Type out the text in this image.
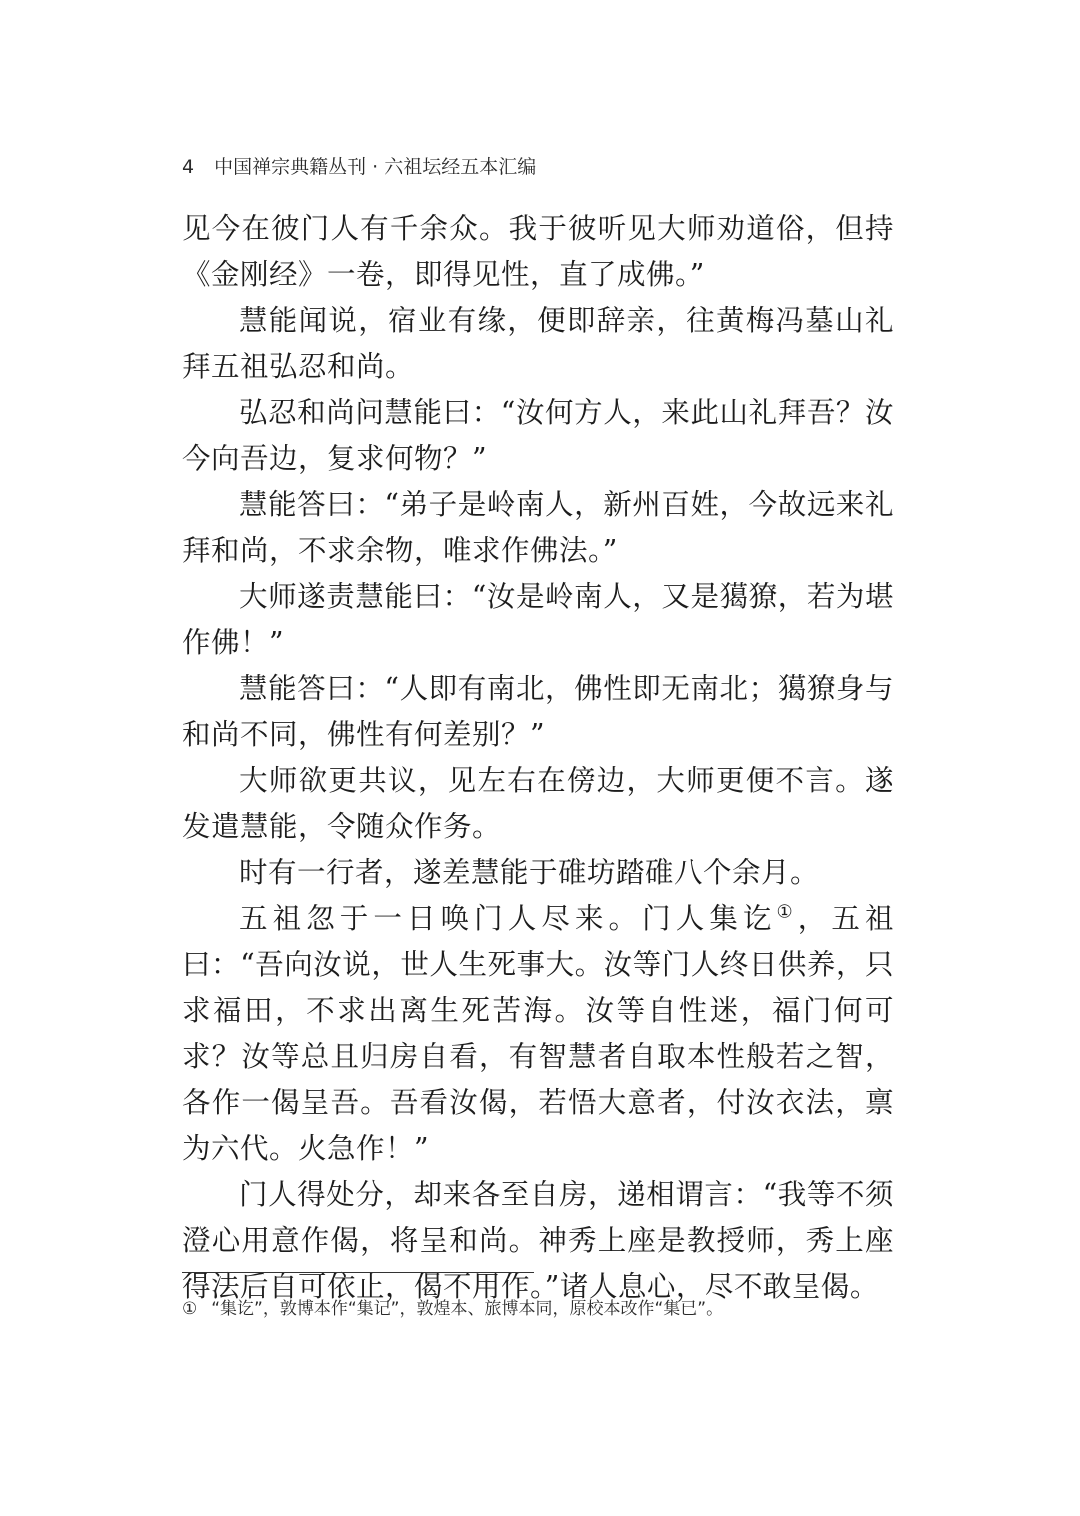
4 中国禅宗典籍丛刊 · 六祖坛经五本汇编

见今在彼门人有千余众。我于彼听见大师劝道俗，但持《金刚经》一卷，即得见性，直了成佛。”

慧能闻说，宿业有缘，便即辞亲，往黄梅冯墓山礼拜五祖弘忍和尚。

弘忍和尚问慧能曰：“汝何方人，来此山礼拜吾？汝今向吾边，复求何物？”

慧能答曰：“弟子是岭南人，新州百姓，今故远来礼拜和尚，不求余物，唯求作佛法。”

大师遂责慧能曰：“汝是岭南人，又是獦獠，若为堪作佛！”

慧能答曰：“人即有南北，佛性即无南北；獦獠身与和尚不同，佛性有何差别？”

大师欲更共议，见左右在傍边，大师更便不言。遂发遣慧能，令随众作务。

时有一行者，遂差慧能于碓坊踏碓八个余月。

五祖忽于一日唤门人尽来。门人集讫①，五祖曰：“吾向汝说，世人生死事大。汝等门人终日供养，只求福田，不求出离生死苦海。汝等自性迷，福门何可求？汝等总且归房自看，有智慧者自取本性般若之智，各作一偈呈吾。吾看汝偈，若悟大意者，付汝衣法，禀为六代。火急作！”

门人得处分，却来各至自房，递相谓言：“我等不须澄心用意作偈，将呈和尚。神秀上座是教授师，秀上座得法后自可依止，偈不用作。”诸人息心，尽不敢呈偈。

① “集讫”，敦博本作“集记”，敦煌本、旅博本同，原校本改作“集已”。
